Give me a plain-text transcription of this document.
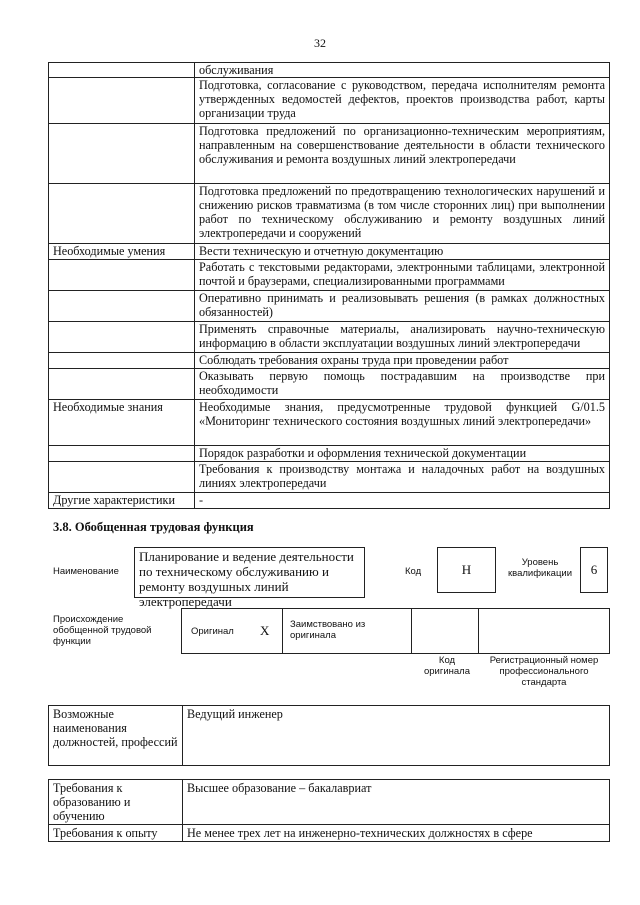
32
	обслуживания
	Подготовка, согласование с руководством, передача исполнителям ремонта утвержденных ведомостей дефектов, проектов производства работ, карты организации труда
	Подготовка предложений по организационно-техническим мероприятиям, направленным на совершенствование деятельности в области технического обслуживания и ремонта воздушных линий электропередачи
	Подготовка предложений по предотвращению технологических нарушений и снижению рисков травматизма (в том числе сторонних лиц) при выполнении работ по техническому обслуживанию и ремонту воздушных линий электропередачи и сооружений
Необходимые умения	Вести техническую и отчетную документацию
	Работать с текстовыми редакторами, электронными таблицами, электронной почтой и браузерами, специализированными программами
	Оперативно принимать и реализовывать решения (в рамках должностных обязанностей)
	Применять справочные материалы, анализировать научно-техническую информацию в области эксплуатации воздушных линий электропередачи
	Соблюдать требования охраны труда при проведении работ
	Оказывать первую помощь пострадавшим на производстве при необходимости
Необходимые знания	Необходимые знания, предусмотренные трудовой функцией G/01.5 «Мониторинг технического состояния воздушных линий электропередачи»
	Порядок разработки и оформления технической документации
	Требования к производству монтажа и наладочных работ на воздушных линиях электропередачи
Другие характеристики	-
3.8. Обобщенная трудовая функция
Наименование
Планирование и ведение деятельности по техническому обслуживанию и ремонту воздушных линий электропередачи
Код	H	Уровень квалификации	6
Происхождение обобщенной трудовой функции
Оригинал X Заимствовано из оригинала
Код оригинала
Регистрационный номер профессионального стандарта
Возможные наименования должностей, профессий	Ведущий инженер
Требования к образованию и обучению	Высшее образование – бакалавриат
Требования к опыту	Не менее трех лет на инженерно-технических должностях в сфере
